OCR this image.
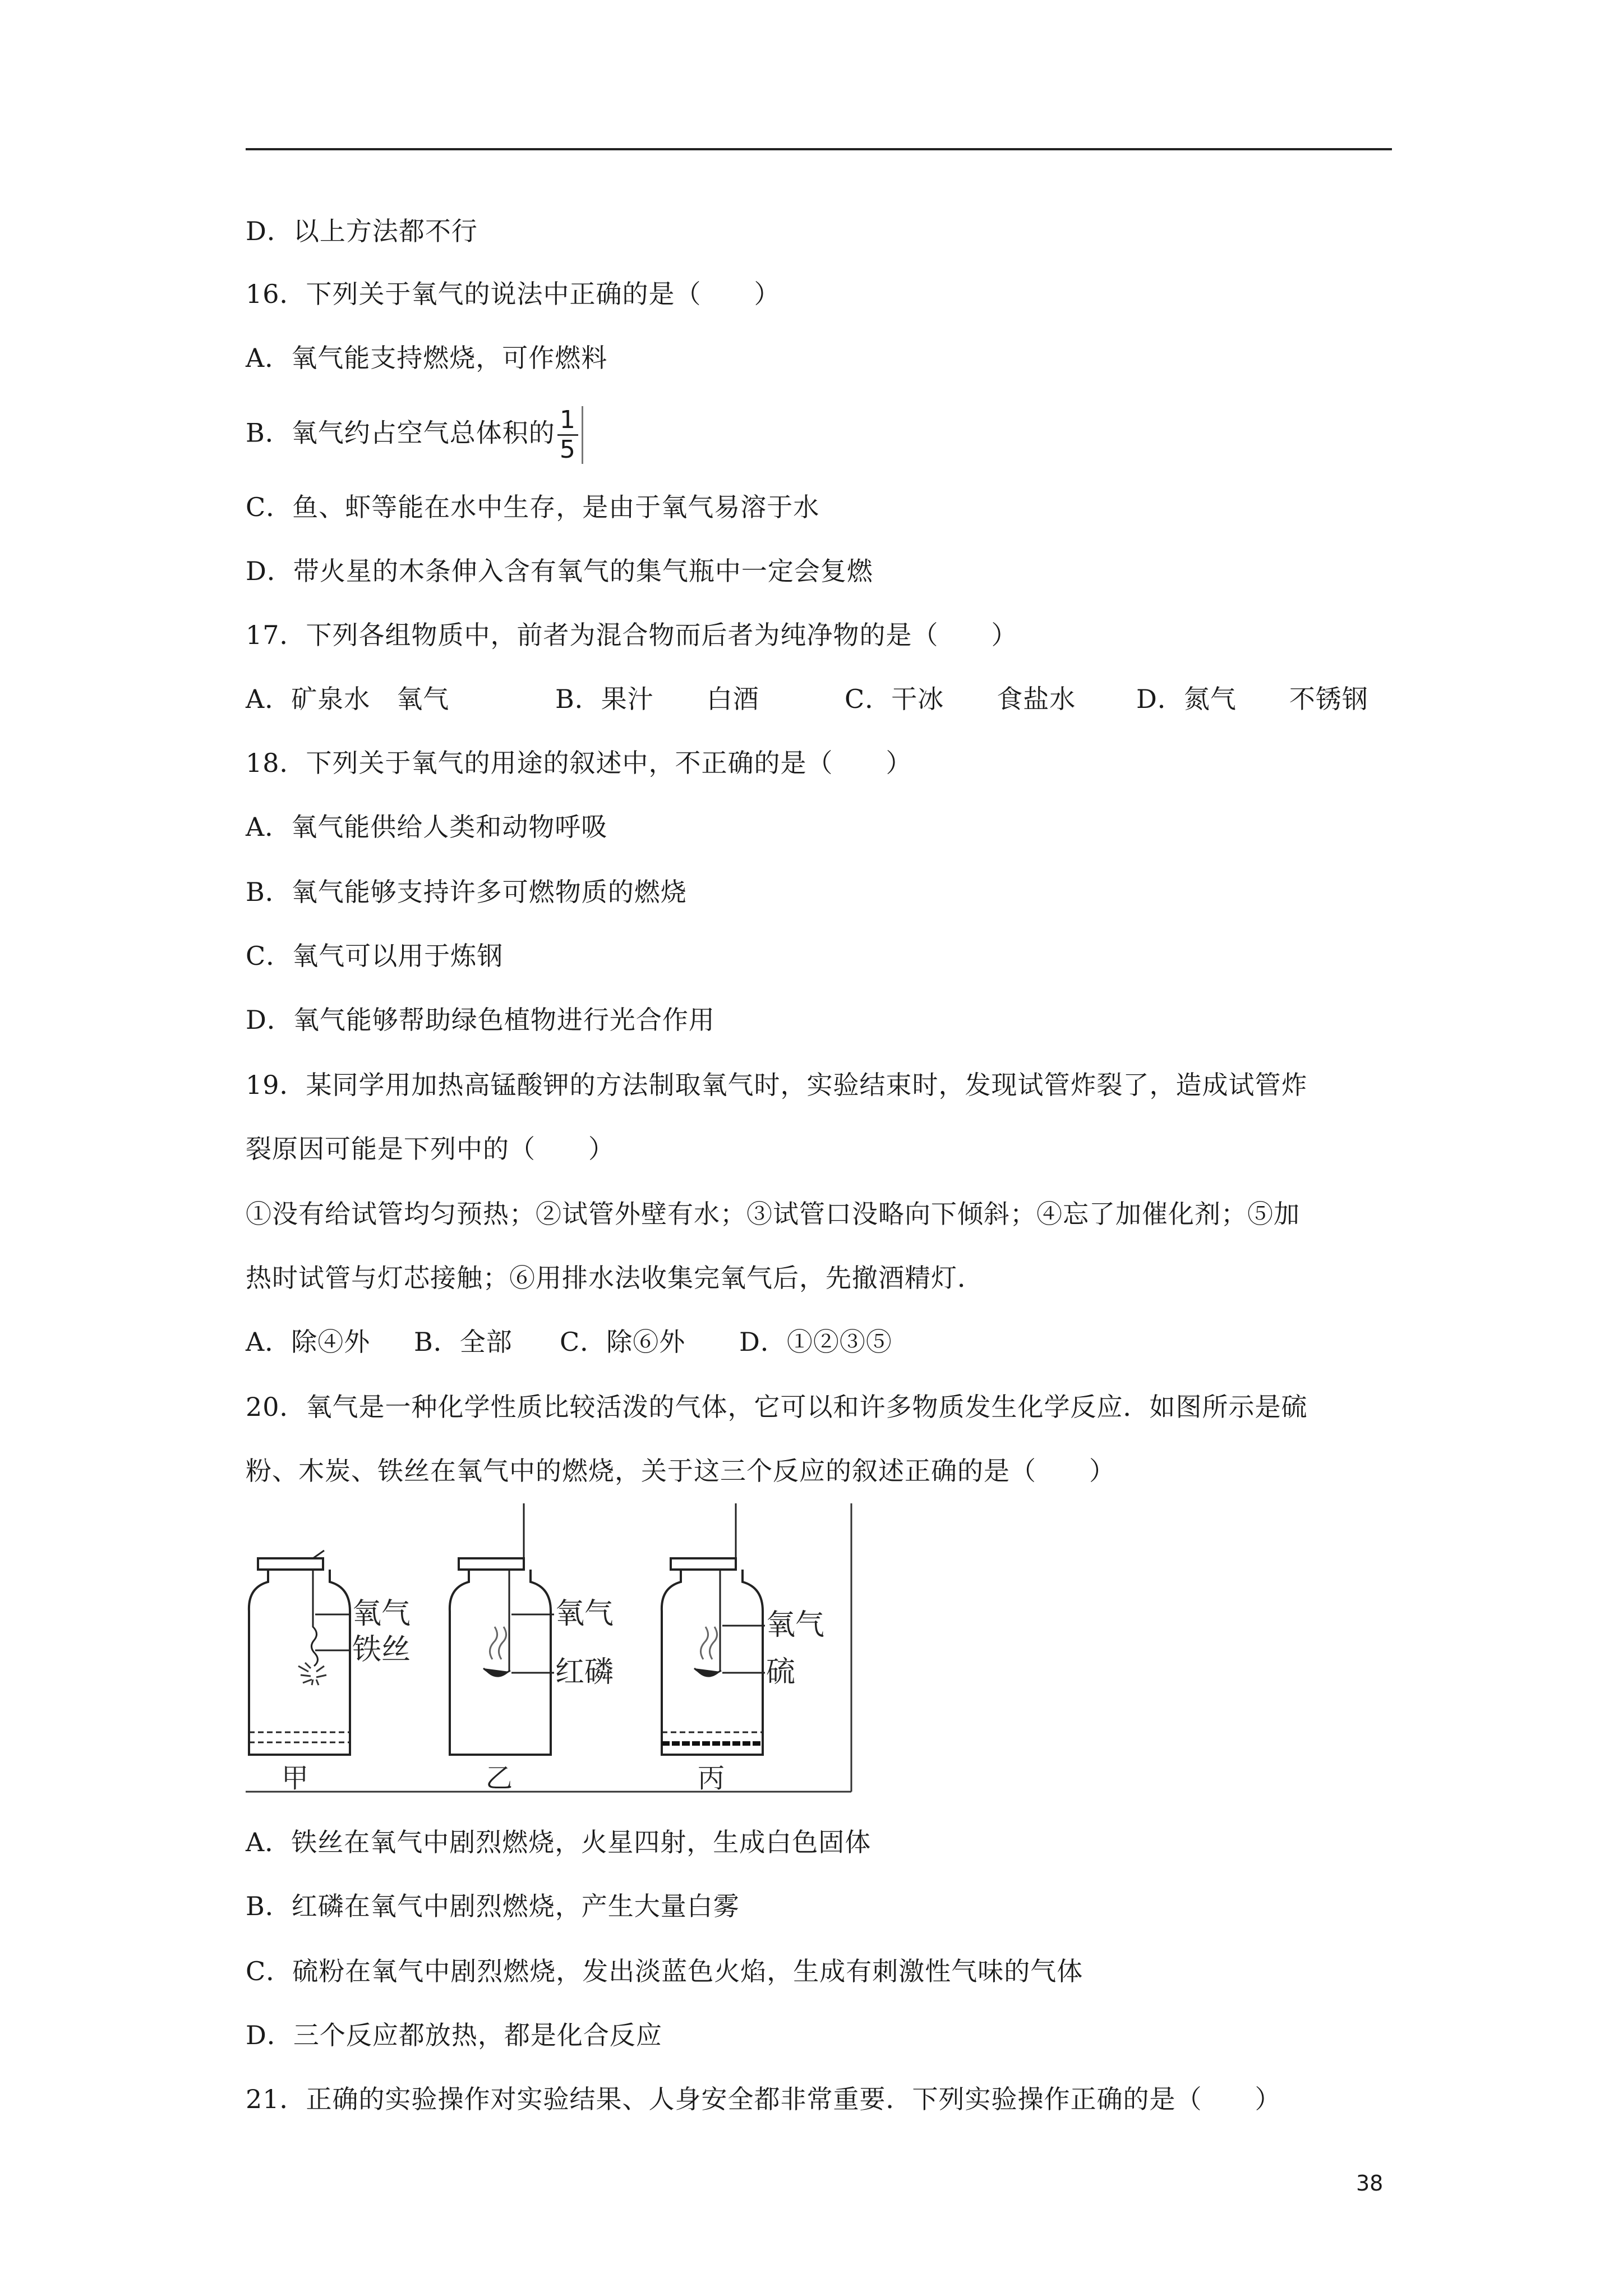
D．以上方法都不行
16．下列关于氧气的说法中正确的是（　　）
A．氧气能支持燃烧，可作燃料
B．氧气约占空气总体积的 $\frac{1}{5}$
C．鱼、虾等能在水中生存，是由于氧气易溶于水
D．带火星的木条伸入含有氧气的集气瓶中一定会复燃
17．下列各组物质中，前者为混合物而后者为纯净物的是（　　）
A．矿泉水　氧气	B．果汁　　白酒	C．干冰　　食盐水 D．氮气　　不锈钢
18．下列关于氧气的用途的叙述中，不正确的是（　　）
A．氧气能供给人类和动物呼吸
B．氧气能够支持许多可燃物质的燃烧
C．氧气可以用于炼钢
D．氧气能够帮助绿色植物进行光合作用
19．某同学用加热高锰酸钾的方法制取氧气时，实验结束时，发现试管炸裂了，造成试管炸
裂原因可能是下列中的（　　）
①没有给试管均匀预热；②试管外壁有水；③试管口没略向下倾斜；④忘了加催化剂；⑤加
热时试管与灯芯接触；⑥用排水法收集完氧气后，先撤酒精灯．
A．除④外 B．全部 C．除⑥外 D．①②③⑤
20．氧气是一种化学性质比较活泼的气体，它可以和许多物质发生化学反应．如图所示是硫
粉、木炭、铁丝在氧气中的燃烧，关于这三个反应的叙述正确的是（　　）
氧气
铁丝
甲
氧气
红磷
乙
氧气
硫
丙
A．铁丝在氧气中剧烈燃烧，火星四射，生成白色固体
B．红磷在氧气中剧烈燃烧，产生大量白雾
C．硫粉在氧气中剧烈燃烧，发出淡蓝色火焰，生成有刺激性气味的气体
D．三个反应都放热，都是化合反应
21．正确的实验操作对实验结果、人身安全都非常重要．下列实验操作正确的是（　　）
38
